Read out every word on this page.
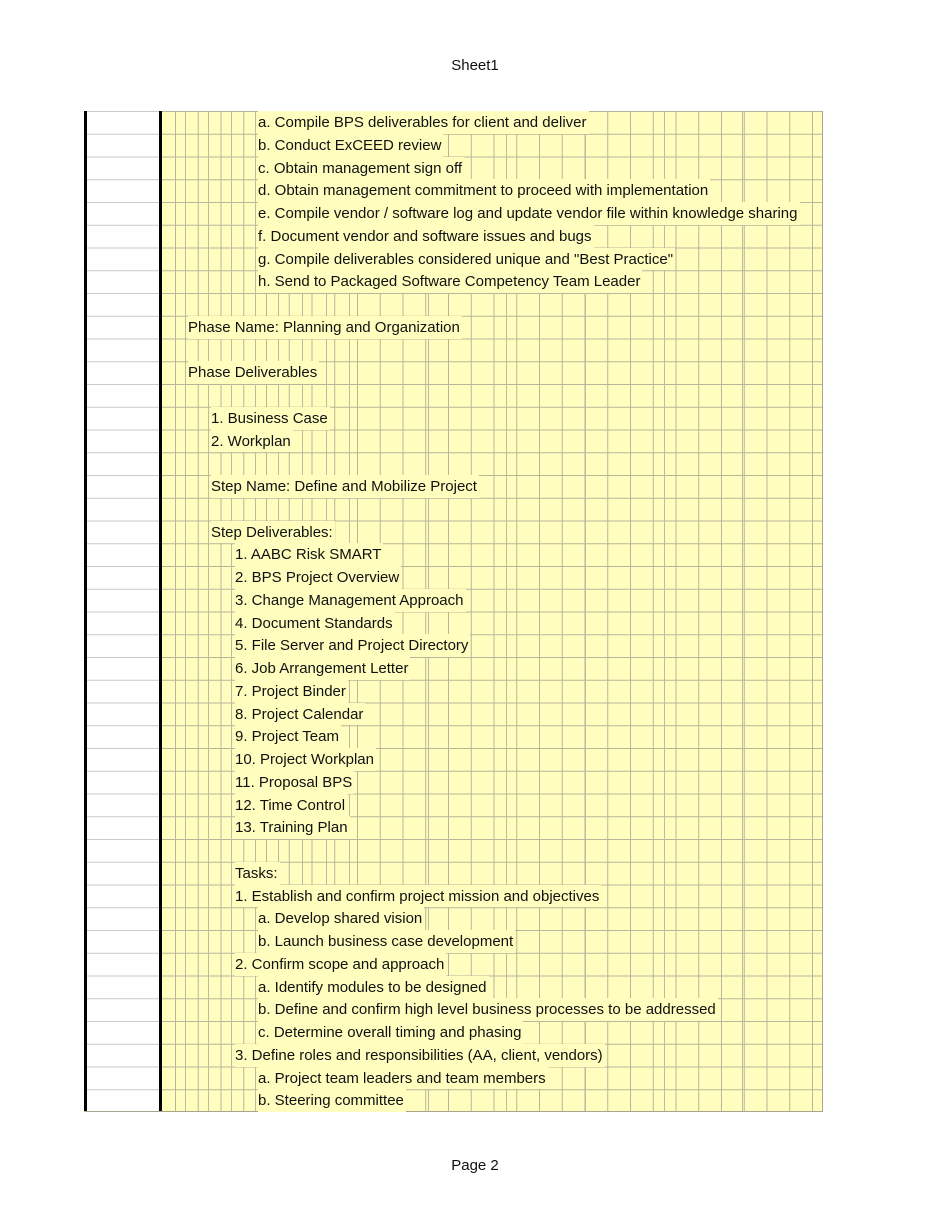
Sheet1
a. Compile BPS deliverables for client and deliver
b. Conduct ExCEED review
c. Obtain management sign off
d. Obtain management commitment to proceed with implementation
e. Compile vendor / software log and update vendor file within knowledge sharing
f. Document vendor and software issues and bugs
g. Compile deliverables considered unique and "Best Practice"
h. Send to Packaged Software Competency Team Leader
Phase Name: Planning and Organization
Phase Deliverables
1. Business Case
2. Workplan
Step Name: Define and Mobilize Project
Step Deliverables:
1. AABC Risk SMART
2. BPS Project Overview
3. Change Management Approach
4. Document Standards
5. File Server and Project Directory
6. Job Arrangement Letter
7. Project Binder
8. Project Calendar
9. Project Team
10. Project Workplan
11. Proposal BPS
12. Time Control
13. Training Plan
Tasks:
1. Establish and confirm project mission and objectives
a. Develop shared vision
b. Launch business case development
2. Confirm scope and approach
a. Identify modules to be designed
b. Define and confirm high level business processes to be addressed
c. Determine overall timing and phasing
3. Define roles and responsibilities (AA, client, vendors)
a. Project team leaders and team members
b. Steering committee
Page 2
